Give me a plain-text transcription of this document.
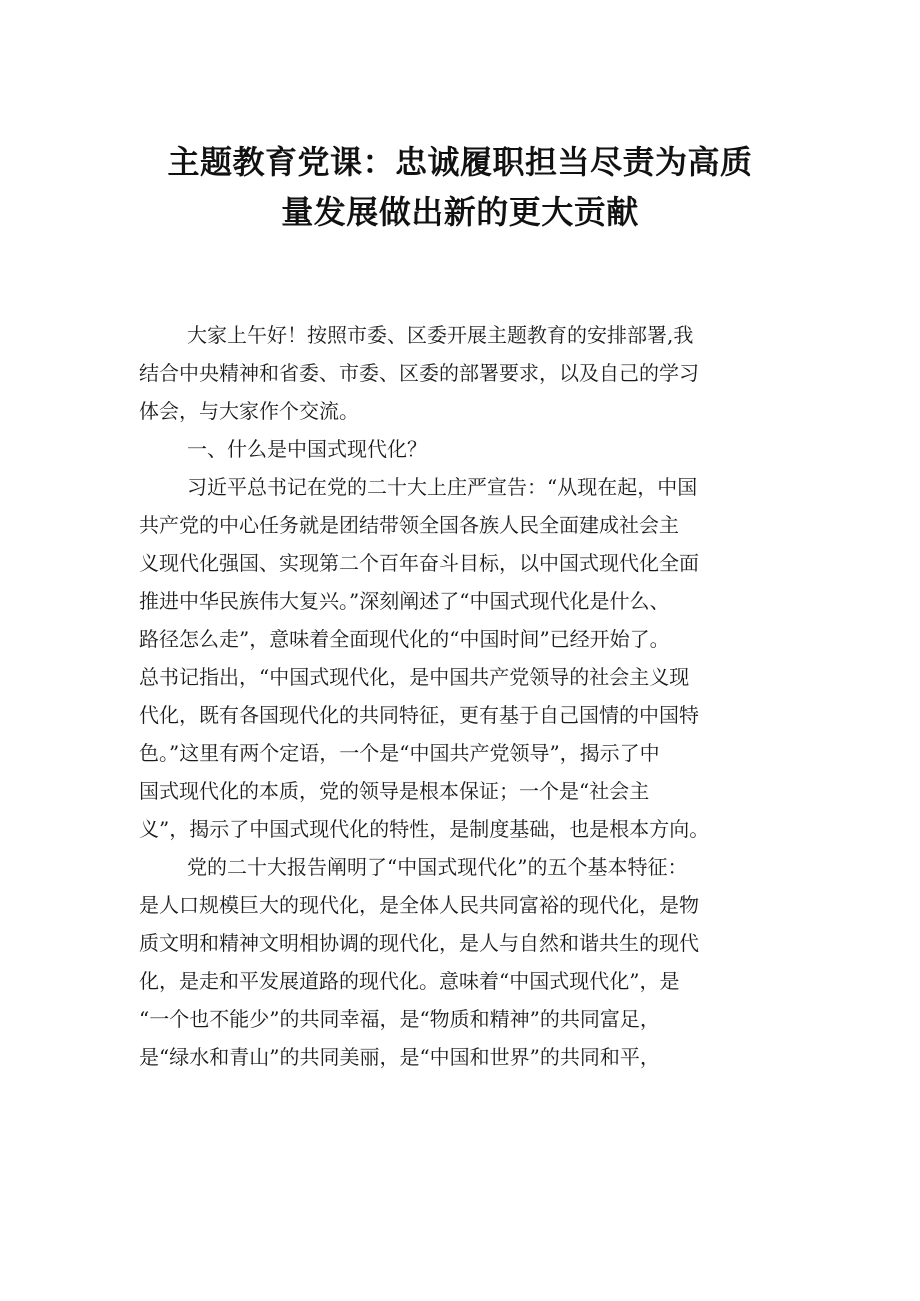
主题教育党课：忠诚履职担当尽责为高质
量发展做出新的更大贡献
大家上午好！按照市委、区委开展主题教育的安排部署,我
结合中央精神和省委、市委、区委的部署要求，以及自己的学习
体会，与大家作个交流。
一、什么是中国式现代化？
习近平总书记在党的二十大上庄严宣告：“从现在起，中国
共产党的中心任务就是团结带领全国各族人民全面建成社会主
义现代化强国、实现第二个百年奋斗目标，以中国式现代化全面
推进中华民族伟大复兴。”深刻阐述了“中国式现代化是什么、
路径怎么走”，意味着全面现代化的“中国时间”已经开始了。
总书记指出，“中国式现代化，是中国共产党领导的社会主义现
代化，既有各国现代化的共同特征，更有基于自己国情的中国特
色。”这里有两个定语，一个是“中国共产党领导”，揭示了中
国式现代化的本质，党的领导是根本保证；一个是“社会主
义”，揭示了中国式现代化的特性，是制度基础，也是根本方向。
党的二十大报告阐明了“中国式现代化”的五个基本特征：
是人口规模巨大的现代化，是全体人民共同富裕的现代化，是物
质文明和精神文明相协调的现代化，是人与自然和谐共生的现代
化，是走和平发展道路的现代化。意味着“中国式现代化”，是
“一个也不能少”的共同幸福，是“物质和精神”的共同富足，
是“绿水和青山”的共同美丽，是“中国和世界”的共同和平，
